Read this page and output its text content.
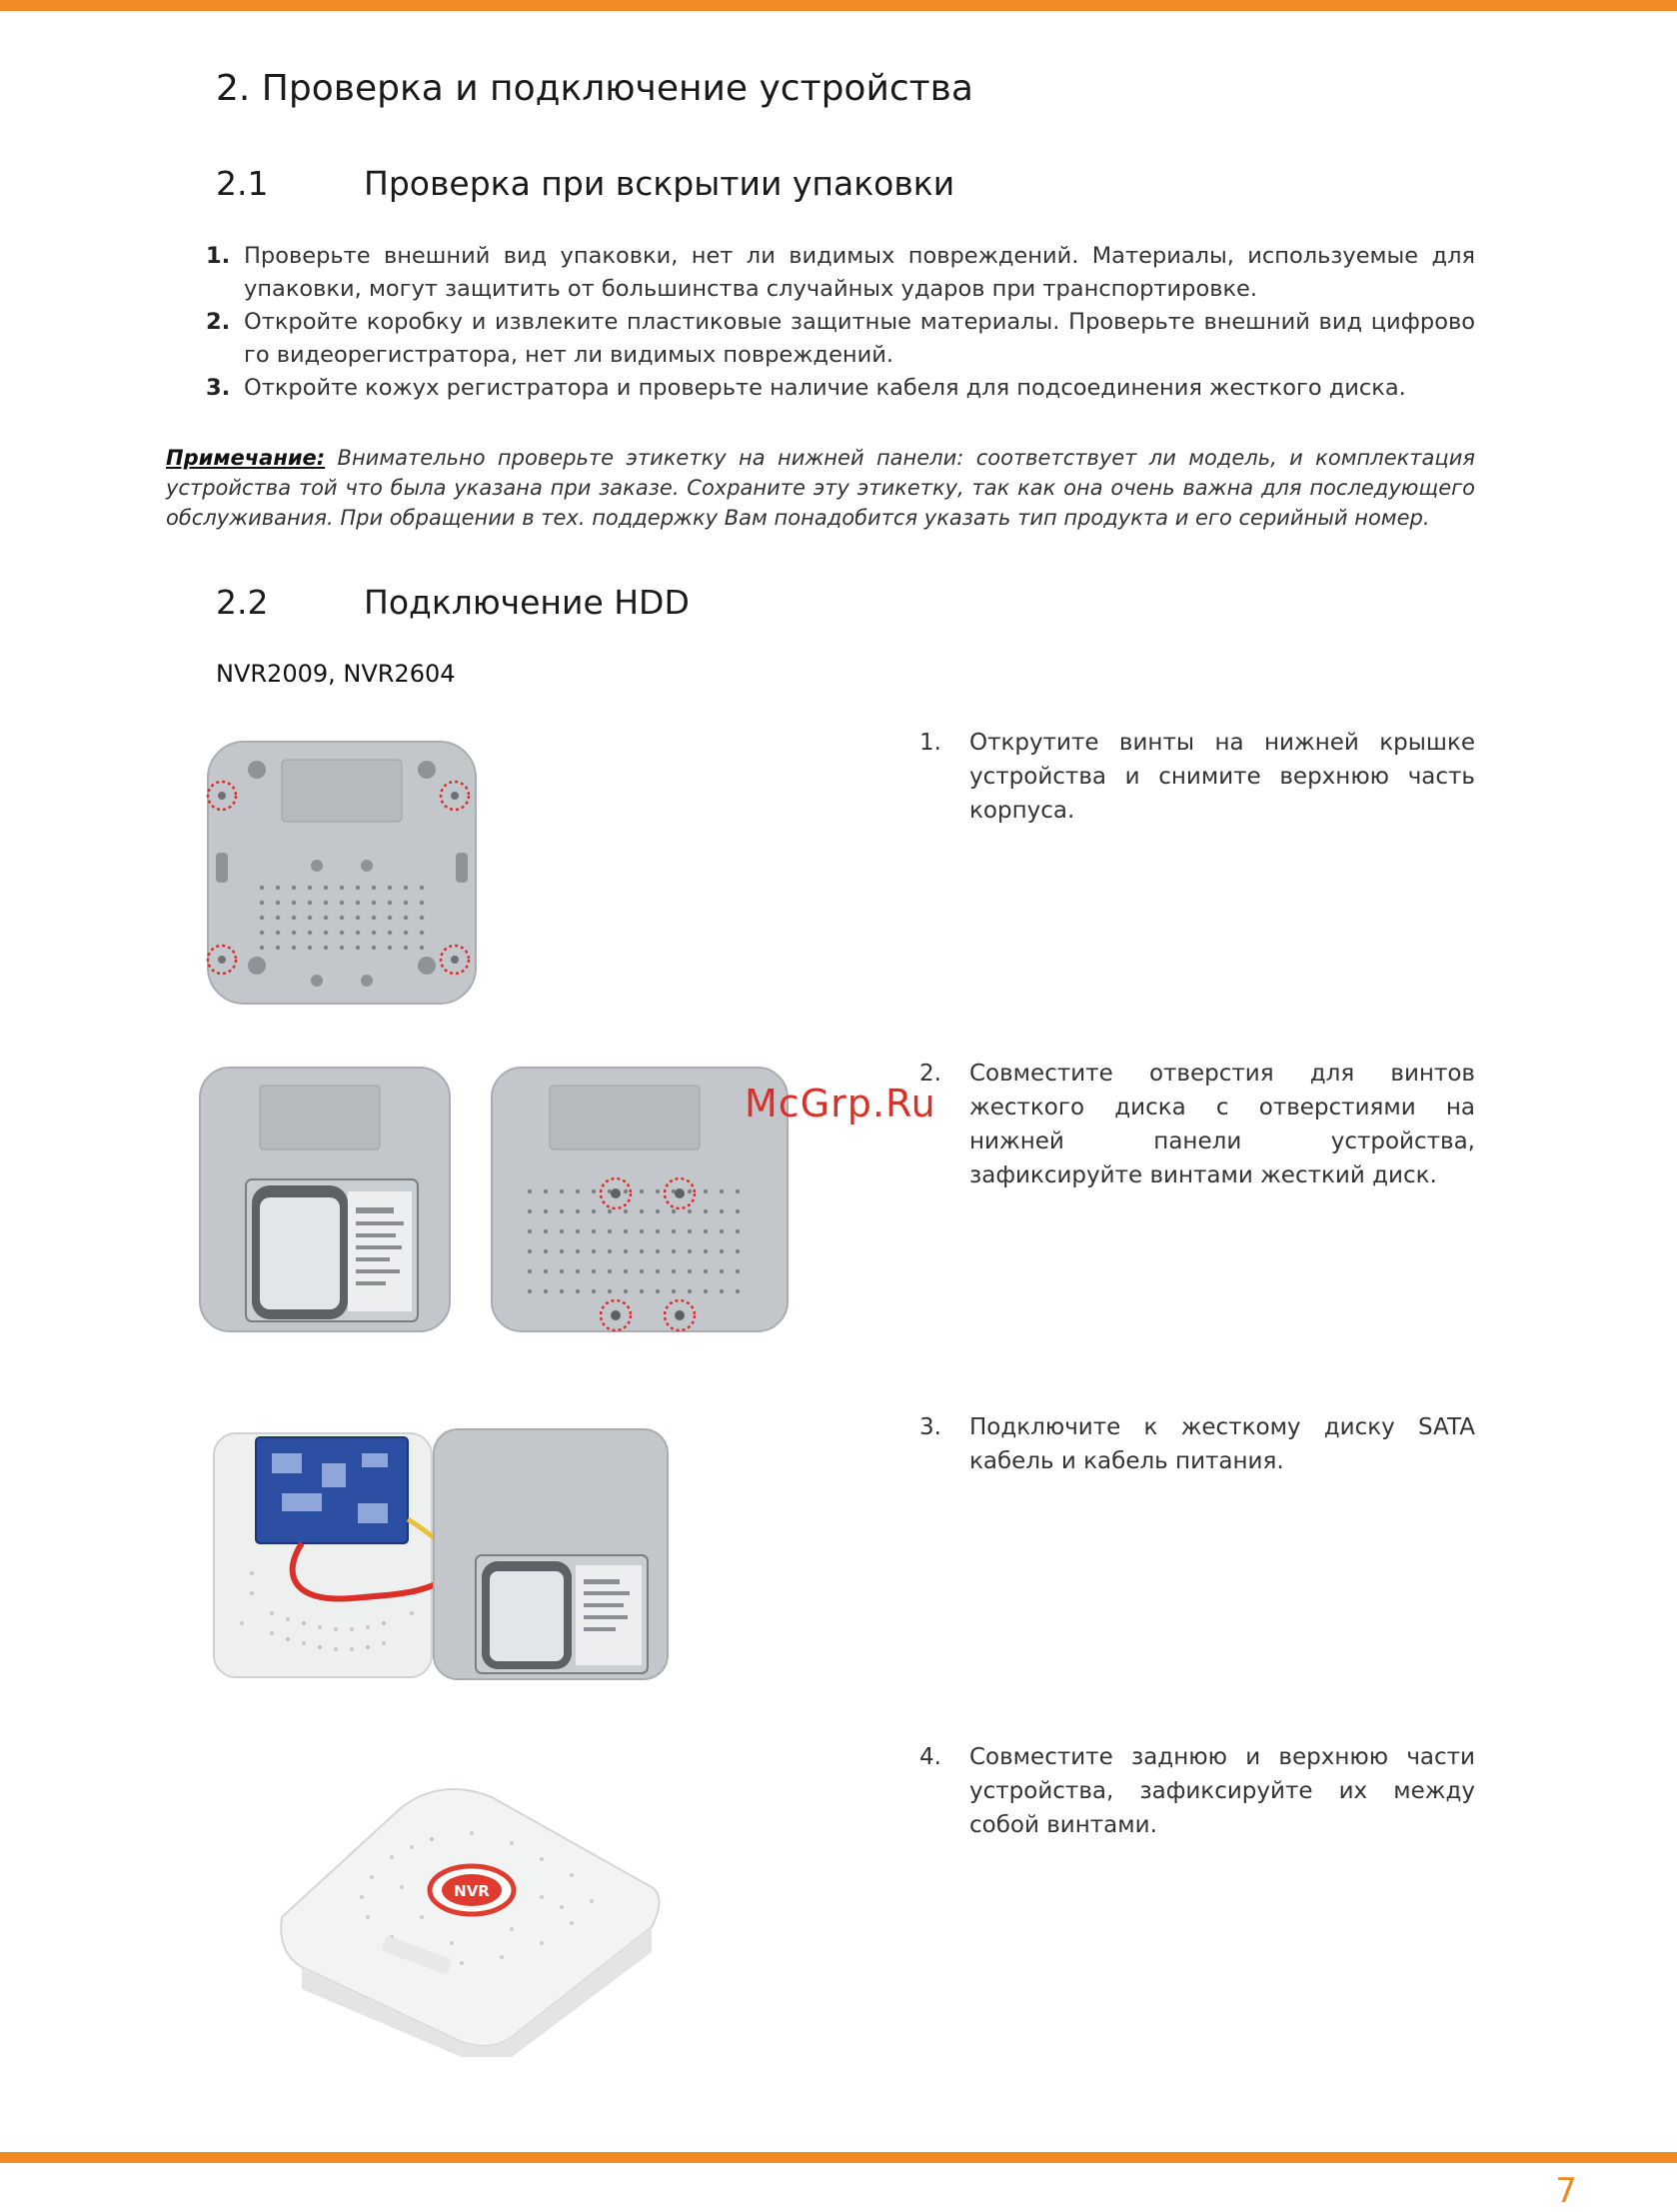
2. Проверка и подключение устройства
2.1	Проверка при вскрытии упаковки
1. Проверьте внешний вид упаковки, нет ли видимых повреждений. Материалы, используемые для упаковки, могут защитить от большинства случайных ударов при транспортировке.
2. Откройте коробку и извлеките пластиковые защитные материалы. Проверьте внешний вид цифрово го видеорегистратора, нет ли видимых повреждений.
3. Откройте кожух регистратора и проверьте наличие кабеля для подсоединения жесткого диска.
Примечание: Внимательно проверьте этикетку на нижней панели: соответствует ли модель, и комплектация устройства той что была указана при заказе. Сохраните эту этикетку, так как она очень важна для последующего обслуживания. При обращении в тех. поддержку Вам понадобится указать тип продукта и его серийный номер.
2.2	Подключение HDD
NVR2009, NVR2604
McGrp.Ru
NVR
1. Открутите винты на нижней крышке устройства и снимите верхнюю часть корпуса.
2. Совместите отверстия для винтов жесткого диска с отверстиями на нижней панели устройства, зафиксируйте винтами жесткий диск.
3. Подключите к жесткому диску SATA кабель и кабель питания.
4. Совместите заднюю и верхнюю части устройства, зафиксируйте их между собой винтами.
7
